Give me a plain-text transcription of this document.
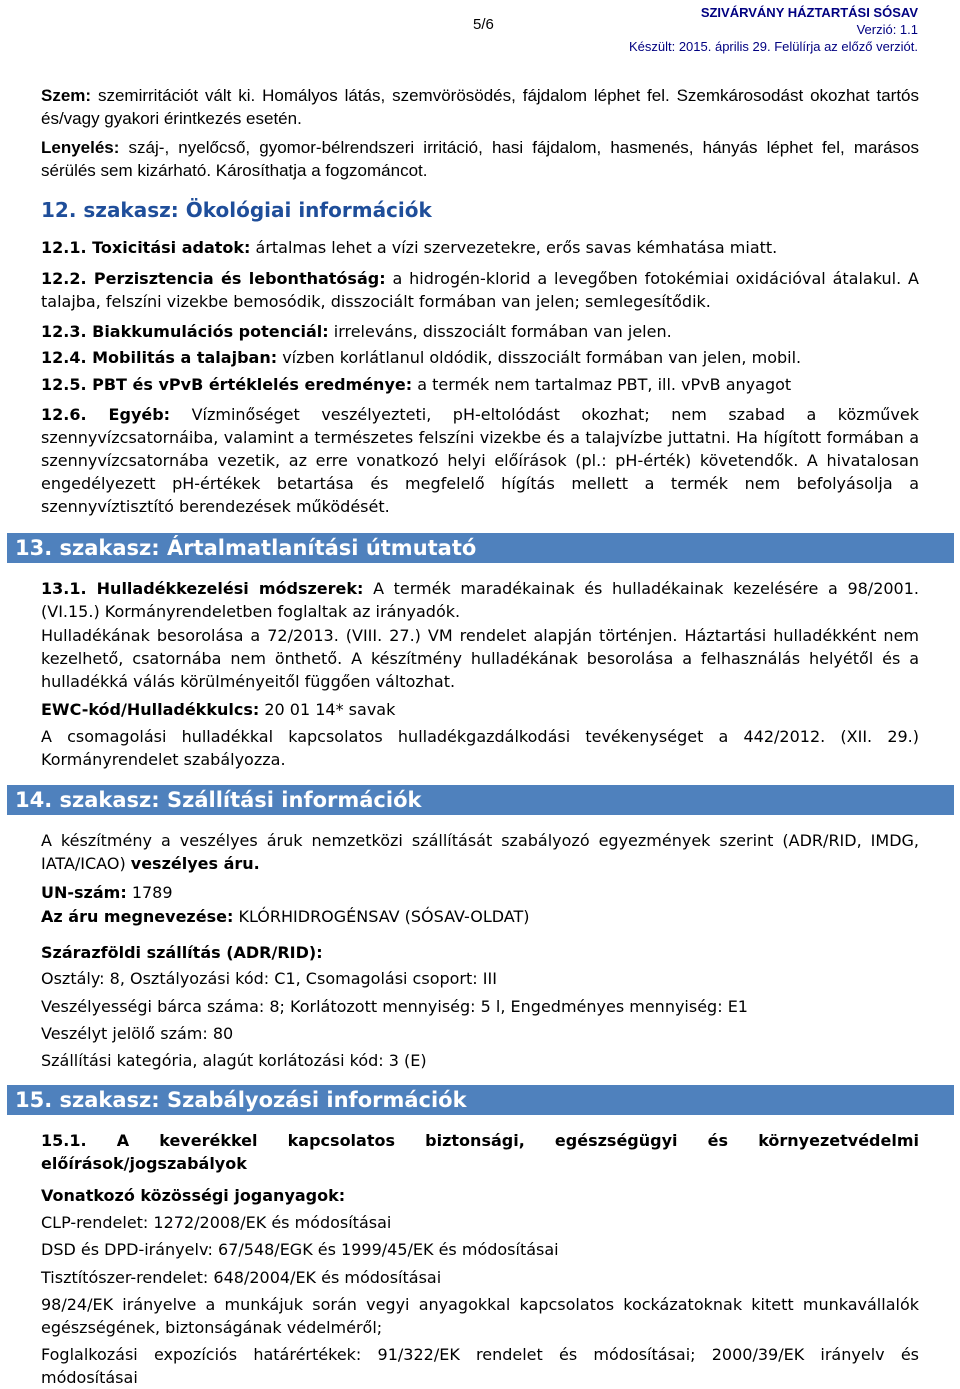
5/6
SZIVÁRVÁNY HÁZTARTÁSI SÓSAV
Verzió: 1.1
Készült: 2015. április 29. Felülírja az előző verziót.

Szem: szemirritációt vált ki. Homályos látás, szemvörösödés, fájdalom léphet fel. Szemkárosodást okozhat tartós és/vagy gyakori érintkezés esetén.

Lenyelés: száj-, nyelőcső, gyomor-bélrendszeri irritáció, hasi fájdalom, hasmenés, hányás léphet fel, marásos sérülés sem kizárható. Károsíthatja a fogzománcot.

12. szakasz: Ökológiai információk

12.1. Toxicitási adatok: ártalmas lehet a vízi szervezetekre, erős savas kémhatása miatt.

12.2. Perzisztencia és lebonthatóság: a hidrogén-klorid a levegőben fotokémiai oxidációval átalakul. A talajba, felszíni vizekbe bemosódik, disszociált formában van jelen; semlegesítődik.

12.3. Biakkumulációs potenciál: irreleváns, disszociált formában van jelen.

12.4. Mobilitás a talajban: vízben korlátlanul oldódik, disszociált formában van jelen, mobil.

12.5. PBT és vPvB értéklelés eredménye: a termék nem tartalmaz PBT, ill. vPvB anyagot

12.6. Egyéb: Vízminőséget veszélyezteti, pH-eltolódást okozhat; nem szabad a közművek szennyvízcsatornáiba, valamint a természetes felszíni vizekbe és a talajvízbe juttatni. Ha hígított formában a szennyvízcsatornába vezetik, az erre vonatkozó helyi előírások (pl.: pH-érték) követendők. A hivatalosan engedélyezett pH-értékek betartása és megfelelő hígítás mellett a termék nem befolyásolja a szennyvíztisztító berendezések működését.

13. szakasz: Ártalmatlanítási útmutató

13.1. Hulladékkezelési módszerek: A termék maradékainak és hulladékainak kezelésére a 98/2001. (VI.15.) Kormányrendeletben foglaltak az irányadók.

Hulladékának besorolása a 72/2013. (VIII. 27.) VM rendelet alapján történjen. Háztartási hulladékként nem kezelhető, csatornába nem önthető. A készítmény hulladékának besorolása a felhasználás helyétől és a hulladékká válás körülményeitől függően változhat.

EWC-kód/Hulladékkulcs: 20 01 14* savak

A csomagolási hulladékkal kapcsolatos hulladékgazdálkodási tevékenységet a 442/2012. (XII. 29.) Kormányrendelet szabályozza.

14. szakasz: Szállítási információk

A készítmény a veszélyes áruk nemzetközi szállítását szabályozó egyezmények szerint (ADR/RID, IMDG, IATA/ICAO) veszélyes áru.

UN-szám: 1789

Az áru megnevezése: KLÓRHIDROGÉNSAV (SÓSAV-OLDAT)

Szárazföldi szállítás (ADR/RID):

Osztály: 8, Osztályozási kód: C1, Csomagolási csoport: III

Veszélyességi bárca száma: 8; Korlátozott mennyiség: 5 l, Engedményes mennyiség: E1

Veszélyt jelölő szám: 80

Szállítási kategória, alagút korlátozási kód: 3 (E)

15. szakasz: Szabályozási információk

15.1. A keverékkel kapcsolatos biztonsági, egészségügyi és környezetvédelmi előírások/jogszabályok

Vonatkozó közösségi joganyagok:

CLP-rendelet: 1272/2008/EK és módosításai

DSD és DPD-irányelv: 67/548/EGK és 1999/45/EK és módosításai

Tisztítószer-rendelet: 648/2004/EK és módosításai

98/24/EK irányelve a munkájuk során vegyi anyagokkal kapcsolatos kockázatoknak kitett munkavállalók egészségének, biztonságának védelméről;

Foglalkozási expozíciós határértékek: 91/322/EK rendelet és módosításai; 2000/39/EK irányelv és módosításai
